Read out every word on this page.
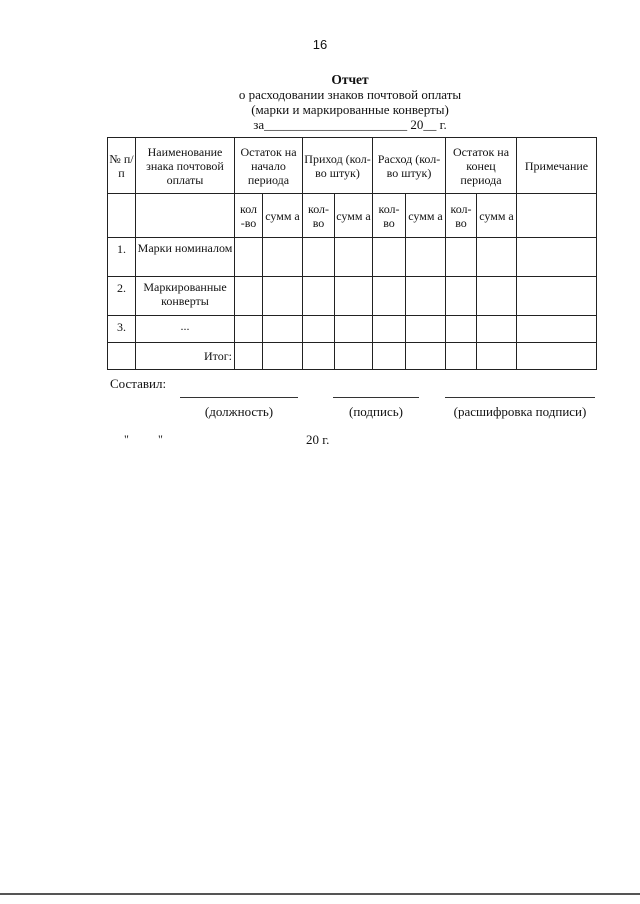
16
Отчет
о расходовании знаков почтовой оплаты
(марки и маркированные конверты)
за______________________ 20__ г.
№ п/п	Наименование знака почтовой оплаты	Остаток на начало периода		Приход (кол-во штук)		Расход (кол-во штук)		Остаток на конец периода		Примечание
		кол -во	сумм а	кол- во	сумм а	кол- во	сумм а	кол- во	сумм а	
1.	Марки номиналом									
2.	Маркированные конверты									
3.	...									
	Итог:									
Составил:
(должность)	(подпись)	(расшифровка подписи)
" "	20 г.
